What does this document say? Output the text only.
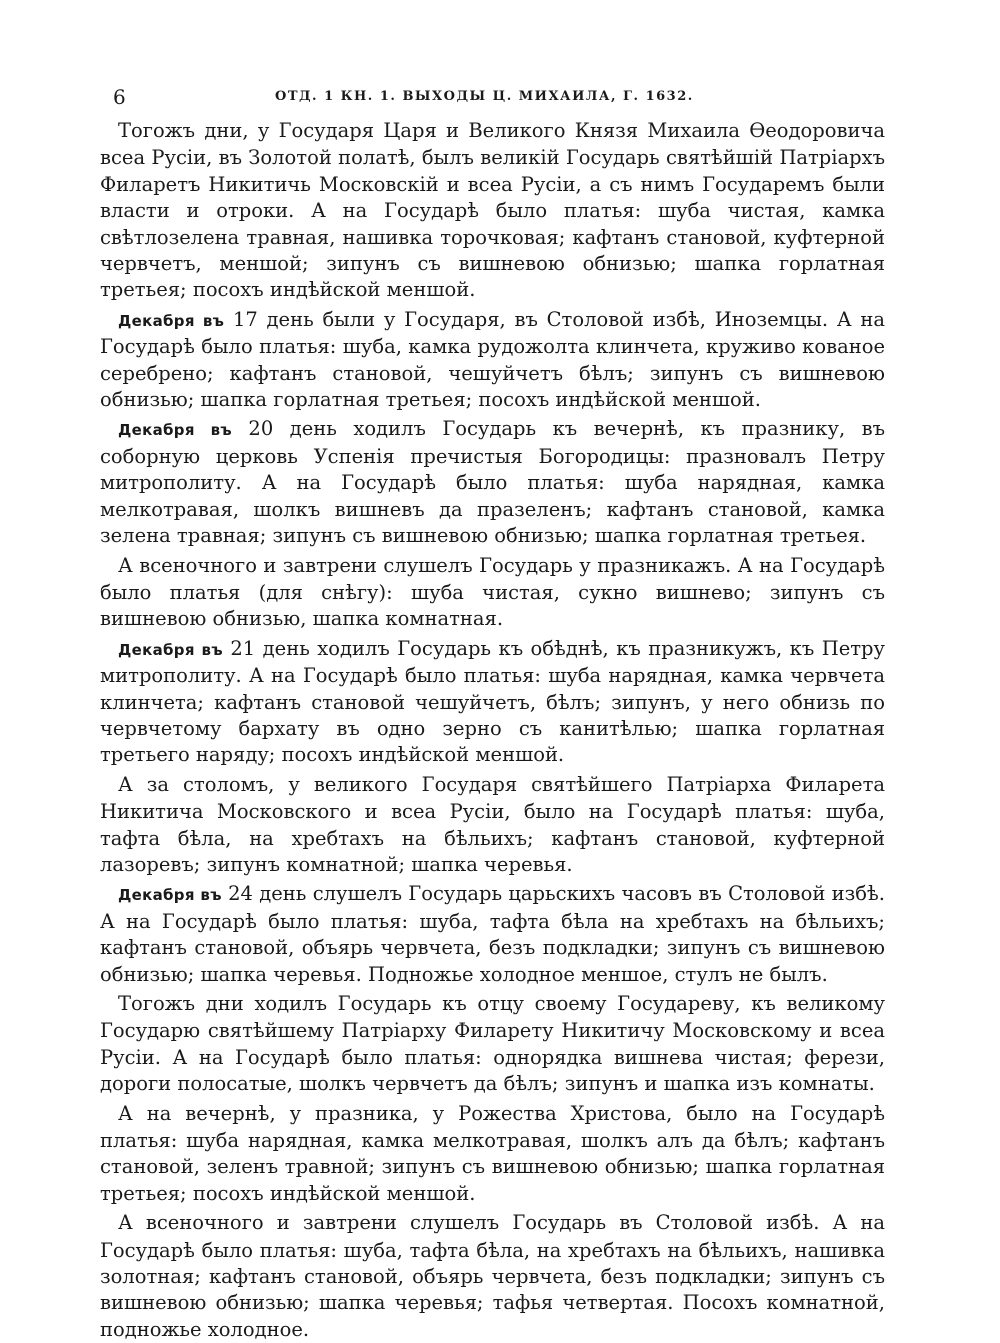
6	ОТД. 1 КН. 1. ВЫХОДЫ Ц. МИХАИЛА, Г. 1632.

Тогожъ дни, у Государя Царя и Великого Князя Михаила Ѳеодоровича всеа Русіи, въ Золотой полатѣ, былъ великій Государь святѣйшій Патріархъ Филаретъ Никитичь Московскій и всеа Русіи, а съ нимъ Государемъ были власти и отроки. А на Государѣ было платья: шуба чистая, камка свѣтлозелена травная, нашивка торочковая; кафтанъ становой, куфтерной червчетъ, меншой; зипунъ съ вишневою обнизью; шапка горлатная третьея; посохъ индѣйской меншой.

Декабря въ 17 день были у Государя, въ Столовой избѣ, Иноземцы. А на Государѣ было платья: шуба, камка рудожолта клинчета, круживо кованое серебрено; кафтанъ становой, чешуйчетъ бѣлъ; зипунъ съ вишневою обнизью; шапка горлатная третьея; посохъ индѣйской меншой.

Декабря въ 20 день ходилъ Государь къ вечернѣ, къ празнику, въ соборную церковь Успенія пречистыя Богородицы: празновалъ Петру митрополиту. А на Государѣ было платья: шуба нарядная, камка мелкотравая, шолкъ вишневъ да празеленъ; кафтанъ становой, камка зелена травная; зипунъ съ вишневою обнизью; шапка горлатная третьея.

А всеночного и завтрени слушелъ Государь у празникажъ. А на Государѣ было платья (для снѣгу): шуба чистая, сукно вишнево; зипунъ съ вишневою обнизью, шапка комнатная.

Декабря въ 21 день ходилъ Государь къ обѣднѣ, къ празникужъ, къ Петру митрополиту. А на Государѣ было платья: шуба нарядная, камка червчета клинчета; кафтанъ становой чешуйчетъ, бѣлъ; зипунъ, у него обнизь по червчетому бархату въ одно зерно съ канитѣлью; шапка горлатная третьего наряду; посохъ индѣйской меншой.

А за столомъ, у великого Государя святѣйшего Патріарха Филарета Никитича Московского и всеа Русіи, было на Государѣ платья: шуба, тафта бѣла, на хребтахъ на бѣльихъ; кафтанъ становой, куфтерной лазоревъ; зипунъ комнатной; шапка черевья.

Декабря въ 24 день слушелъ Государь царьскихъ часовъ въ Столовой избѣ. А на Государѣ было платья: шуба, тафта бѣла на хребтахъ на бѣльихъ; кафтанъ становой, объярь червчета, безъ подкладки; зипунъ съ вишневою обнизью; шапка черевья. Подножье холодное меншое, стулъ не былъ.

Тогожъ дни ходилъ Государь къ отцу своему Государеву, къ великому Государю святѣйшему Патріарху Филарету Никитичу Московскому и всеа Русіи. А на Государѣ было платья: однорядка вишнева чистая; ферези, дороги полосатые, шолкъ червчетъ да бѣлъ; зипунъ и шапка изъ комнаты.

А на вечернѣ, у празника, у Рожества Христова, было на Государѣ платья: шуба нарядная, камка мелкотравая, шолкъ алъ да бѣлъ; кафтанъ становой, зеленъ травной; зипунъ съ вишневою обнизью; шапка горлатная третьея; посохъ индѣйской меншой.

А всеночного и завтрени слушелъ Государь въ Столовой избѣ. А на Государѣ было платья: шуба, тафта бѣла, на хребтахъ на бѣльихъ, нашивка золотная; кафтанъ становой, объярь червчета, безъ подкладки; зипунъ съ вишневою обнизью; шапка черевья; тафья четвертая. Посохъ комнатной, подножье холодное.
